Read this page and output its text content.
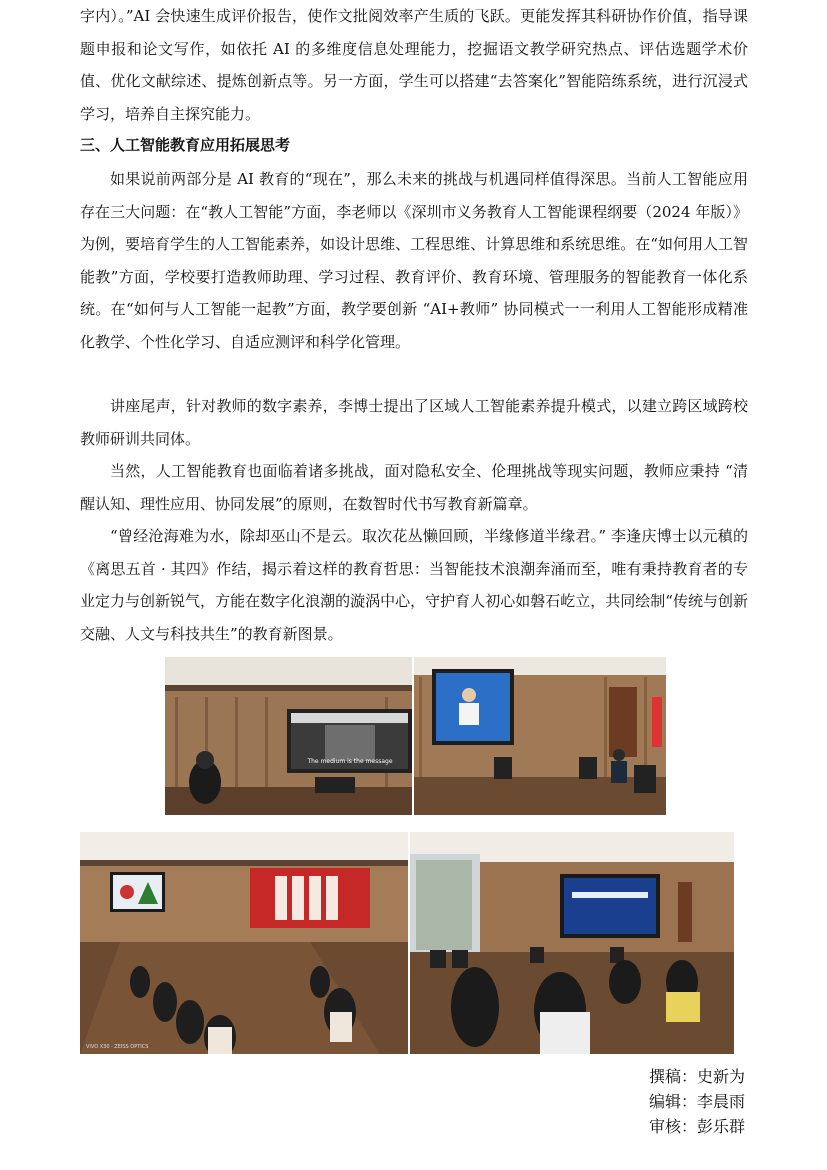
字内）。”AI 会快速生成评价报告，使作文批阅效率产生质的飞跃。更能发挥其科研协作价值，指导课题申报和论文写作，如依托 AI 的多维度信息处理能力，挖掘语文教学研究热点、评估选题学术价值、优化文献综述、提炼创新点等。另一方面，学生可以搭建“去答案化”智能陪练系统，进行沉浸式学习，培养自主探究能力。

三、人工智能教育应用拓展思考

如果说前两部分是 AI 教育的“现在”，那么未来的挑战与机遇同样值得深思。当前人工智能应用存在三大问题：在“教人工智能”方面，李老师以《深圳市义务教育人工智能课程纲要（2024 年版）》为例，要培育学生的人工智能素养，如设计思维、工程思维、计算思维和系统思维。在“如何用人工智能教”方面，学校要打造教师助理、学习过程、教育评价、教育环境、管理服务的智能教育一体化系统。在“如何与人工智能一起教”方面，教学要创新 “AI+教师” 协同模式一一利用人工智能形成精准化教学、个性化学习、自适应测评和科学化管理。

讲座尾声，针对教师的数字素养，李博士提出了区域人工智能素养提升模式，以建立跨区域跨校教师研训共同体。

当然，人工智能教育也面临着诸多挑战，面对隐私安全、伦理挑战等现实问题，教师应秉持 “清醒认知、理性应用、协同发展”的原则，在数智时代书写教育新篇章。

“曾经沧海难为水，除却巫山不是云。取次花丛懒回顾，半缘修道半缘君。” 李逢庆博士以元稹的《离思五首 · 其四》作结，揭示着这样的教育哲思：当智能技术浪潮奔涌而至，唯有秉持教育者的专业定力与创新锐气，方能在数字化浪潮的漩涡中心，守护育人初心如磐石屹立，共同绘制“传统与创新交融、人文与科技共生”的教育新图景。

The medium is the message
VIVO X30 · ZEISS OPTICS
撰稿：史新为
编辑：李晨雨
审核：彭乐群
